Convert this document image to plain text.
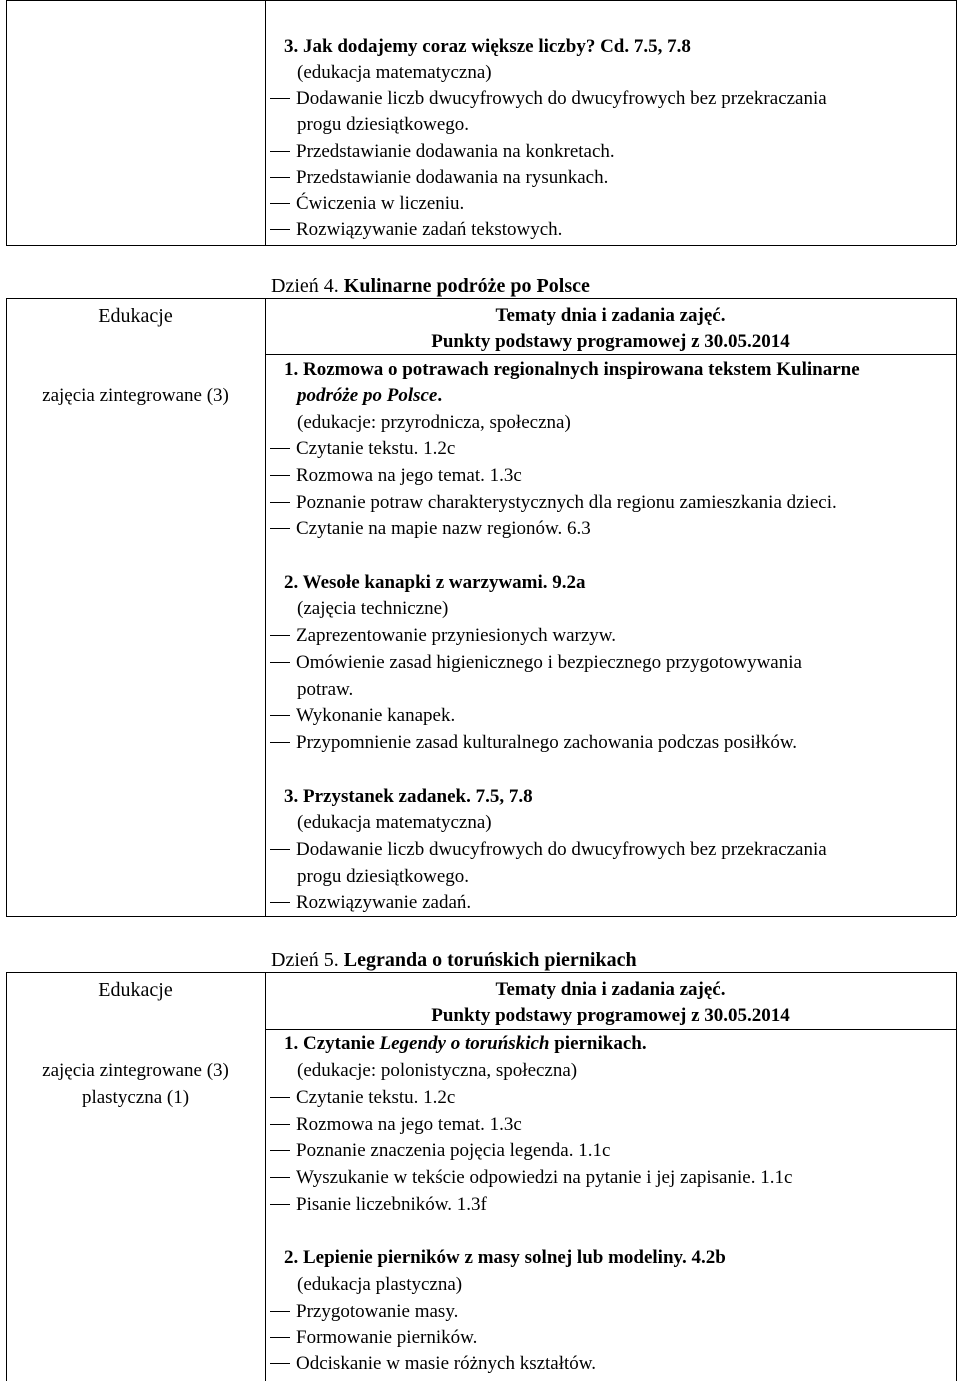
3. Jak dodajemy coraz większe liczby? Cd. 7.5, 7.8
(edukacja matematyczna)
Dodawanie liczb dwucyfrowych do dwucyfrowych bez przekraczania
progu dziesiątkowego.
Przedstawianie dodawania na konkretach.
Przedstawianie dodawania na rysunkach.
Ćwiczenia w liczeniu.
Rozwiązywanie zadań tekstowych.
Dzień 4. Kulinarne podróże po Polsce
Edukacje
zajęcia zintegrowane (3)
Tematy dnia i zadania zajęć.
Punkty podstawy programowej z 30.05.2014
1. Rozmowa o potrawach regionalnych inspirowana tekstem Kulinarne
podróże po Polsce.
(edukacje: przyrodnicza, społeczna)
Czytanie tekstu. 1.2c
Rozmowa na jego temat. 1.3c
Poznanie potraw charakterystycznych dla regionu zamieszkania dzieci.
Czytanie na mapie nazw regionów. 6.3
2. Wesołe kanapki z warzywami. 9.2a
(zajęcia techniczne)
Zaprezentowanie przyniesionych warzyw.
Omówienie zasad higienicznego i bezpiecznego przygotowywania
potraw.
Wykonanie kanapek.
Przypomnienie zasad kulturalnego zachowania podczas posiłków.
3. Przystanek zadanek. 7.5, 7.8
(edukacja matematyczna)
Dodawanie liczb dwucyfrowych do dwucyfrowych bez przekraczania
progu dziesiątkowego.
Rozwiązywanie zadań.
Dzień 5. Legranda o toruńskich piernikach
Edukacje
zajęcia zintegrowane (3)
plastyczna (1)
Tematy dnia i zadania zajęć.
Punkty podstawy programowej z 30.05.2014
1. Czytanie Legendy o toruńskich piernikach.
(edukacje: polonistyczna, społeczna)
Czytanie tekstu. 1.2c
Rozmowa na jego temat. 1.3c
Poznanie znaczenia pojęcia legenda. 1.1c
Wyszukanie w tekście odpowiedzi na pytanie i jej zapisanie. 1.1c
Pisanie liczebników. 1.3f
2. Lepienie pierników z masy solnej lub modeliny. 4.2b
(edukacja plastyczna)
Przygotowanie masy.
Formowanie pierników.
Odciskanie w masie różnych kształtów.
